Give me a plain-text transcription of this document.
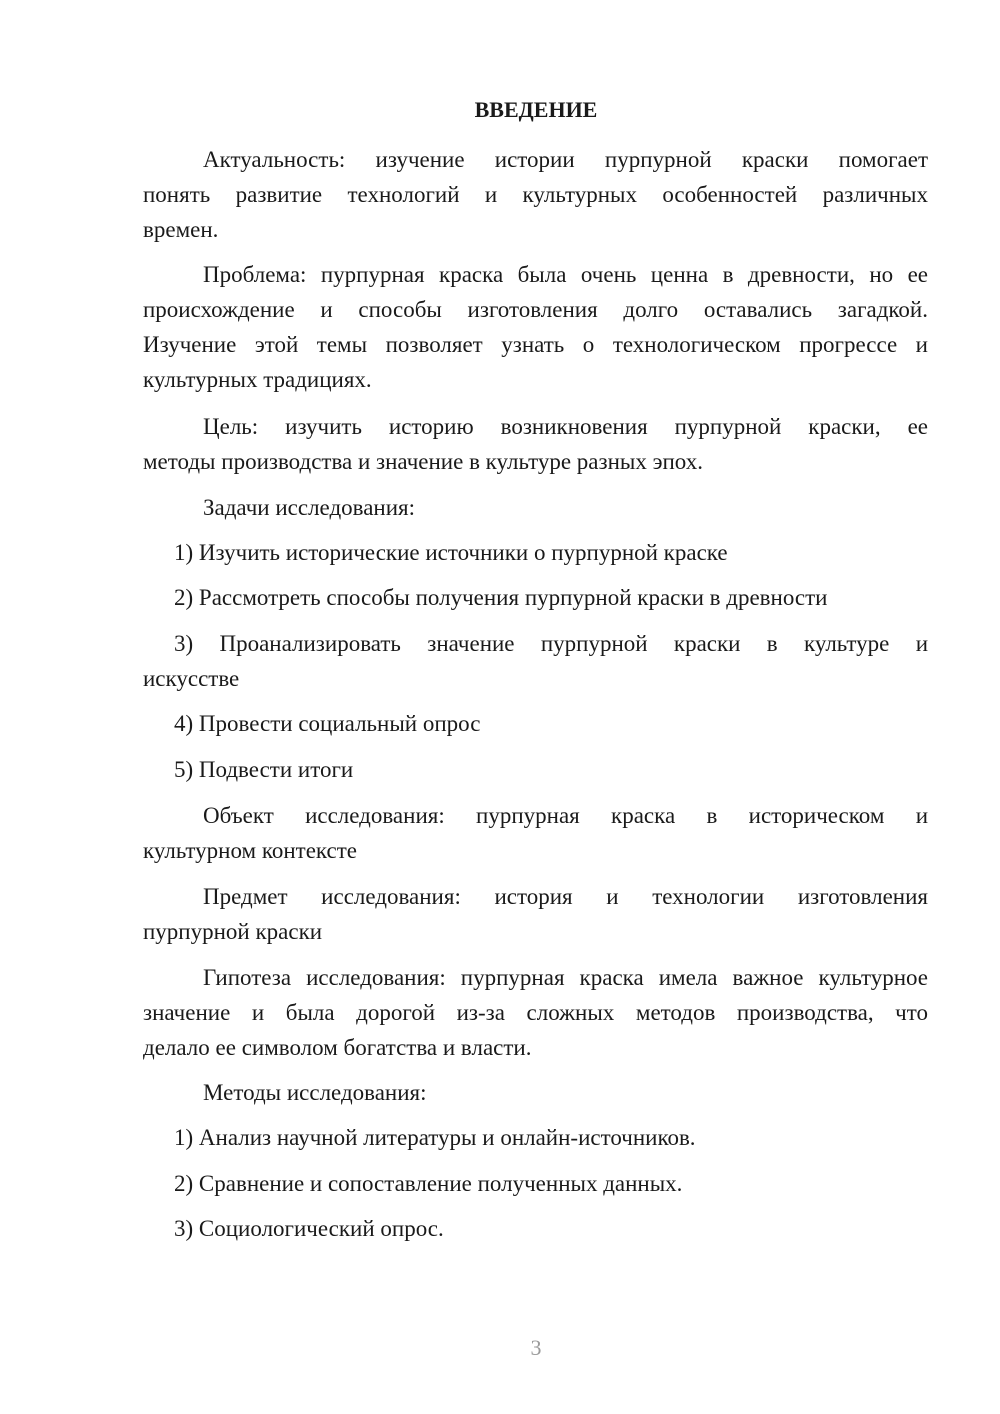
ВВЕДЕНИЕ

Актуальность: изучение истории пурпурной краски помогает
понять развитие технологий и культурных особенностей различных
времен.

Проблема: пурпурная краска была очень ценна в древности, но ее
происхождение и способы изготовления долго оставались загадкой.
Изучение этой темы позволяет узнать о технологическом прогрессе и
культурных традициях.

Цель: изучить историю возникновения пурпурной краски, ее
методы производства и значение в культуре разных эпох.

Задачи исследования:

1) Изучить исторические источники о пурпурной краске

2) Рассмотреть способы получения пурпурной краски в древности

3) Проанализировать значение пурпурной краски в культуре и
искусстве

4) Провести социальный опрос

5) Подвести итоги

Объект исследования: пурпурная краска в историческом и
культурном контексте

Предмет исследования: история и технологии изготовления
пурпурной краски

Гипотеза исследования: пурпурная краска имела важное культурное
значение и была дорогой из-за сложных методов производства, что
делало ее символом богатства и власти.

Методы исследования:

1) Анализ научной литературы и онлайн-источников.

2) Сравнение и сопоставление полученных данных.

3) Социологический опрос.

3
